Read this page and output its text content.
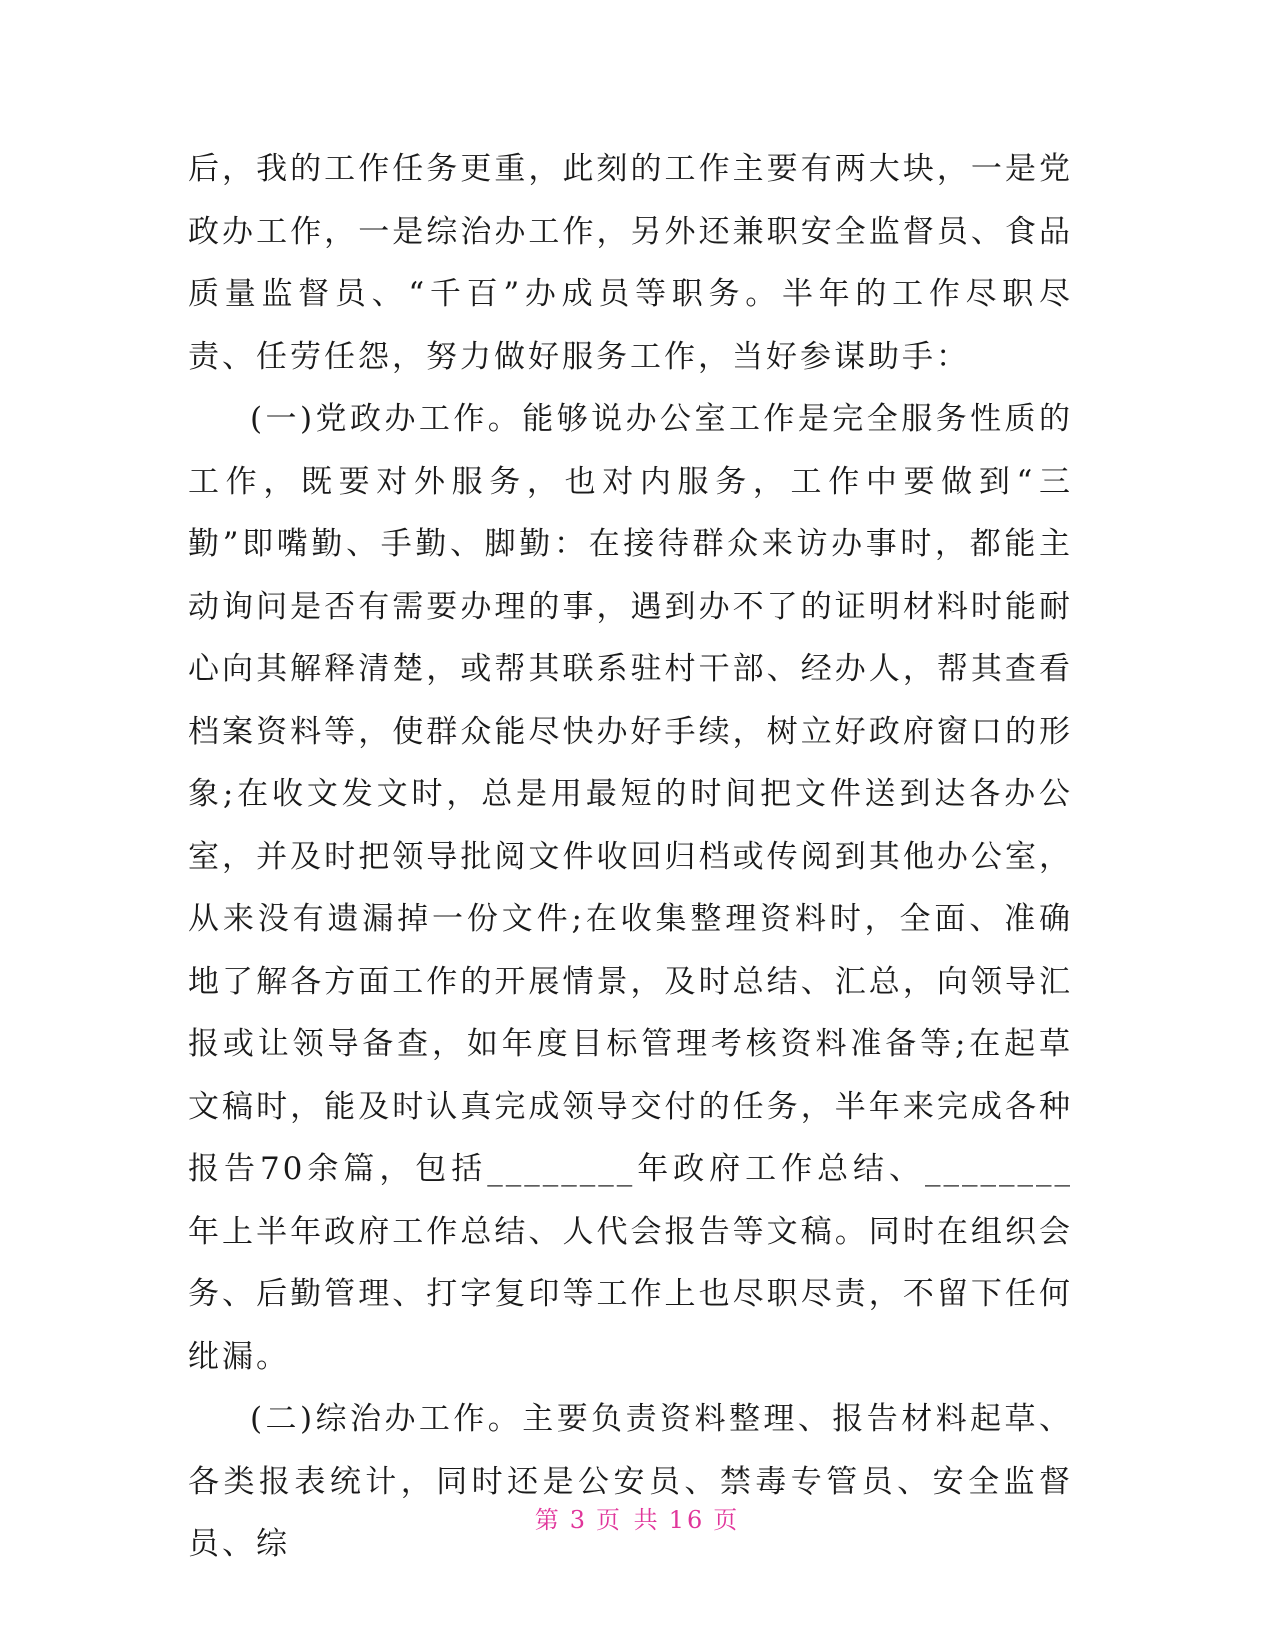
后，我的工作任务更重，此刻的工作主要有两大块，一是党政办工作，一是综治办工作，另外还兼职安全监督员、食品质量监督员、“千百”办成员等职务。半年的工作尽职尽责、任劳任怨，努力做好服务工作，当好参谋助手：

(一)党政办工作。能够说办公室工作是完全服务性质的工作，既要对外服务，也对内服务，工作中要做到“三勤”即嘴勤、手勤、脚勤：在接待群众来访办事时，都能主动询问是否有需要办理的事，遇到办不了的证明材料时能耐心向其解释清楚，或帮其联系驻村干部、经办人，帮其查看档案资料等，使群众能尽快办好手续，树立好政府窗口的形象;在收文发文时，总是用最短的时间把文件送到达各办公室，并及时把领导批阅文件收回归档或传阅到其他办公室，从来没有遗漏掉一份文件;在收集整理资料时，全面、准确地了解各方面工作的开展情景，及时总结、汇总，向领导汇报或让领导备查，如年度目标管理考核资料准备等;在起草文稿时，能及时认真完成领导交付的任务，半年来完成各种报告70余篇，包括________年政府工作总结、________年上半年政府工作总结、人代会报告等文稿。同时在组织会务、后勤管理、打字复印等工作上也尽职尽责，不留下任何纰漏。

(二)综治办工作。主要负责资料整理、报告材料起草、各类报表统计，同时还是公安员、禁毒专管员、安全监督员、综

第 3 页 共 16 页
